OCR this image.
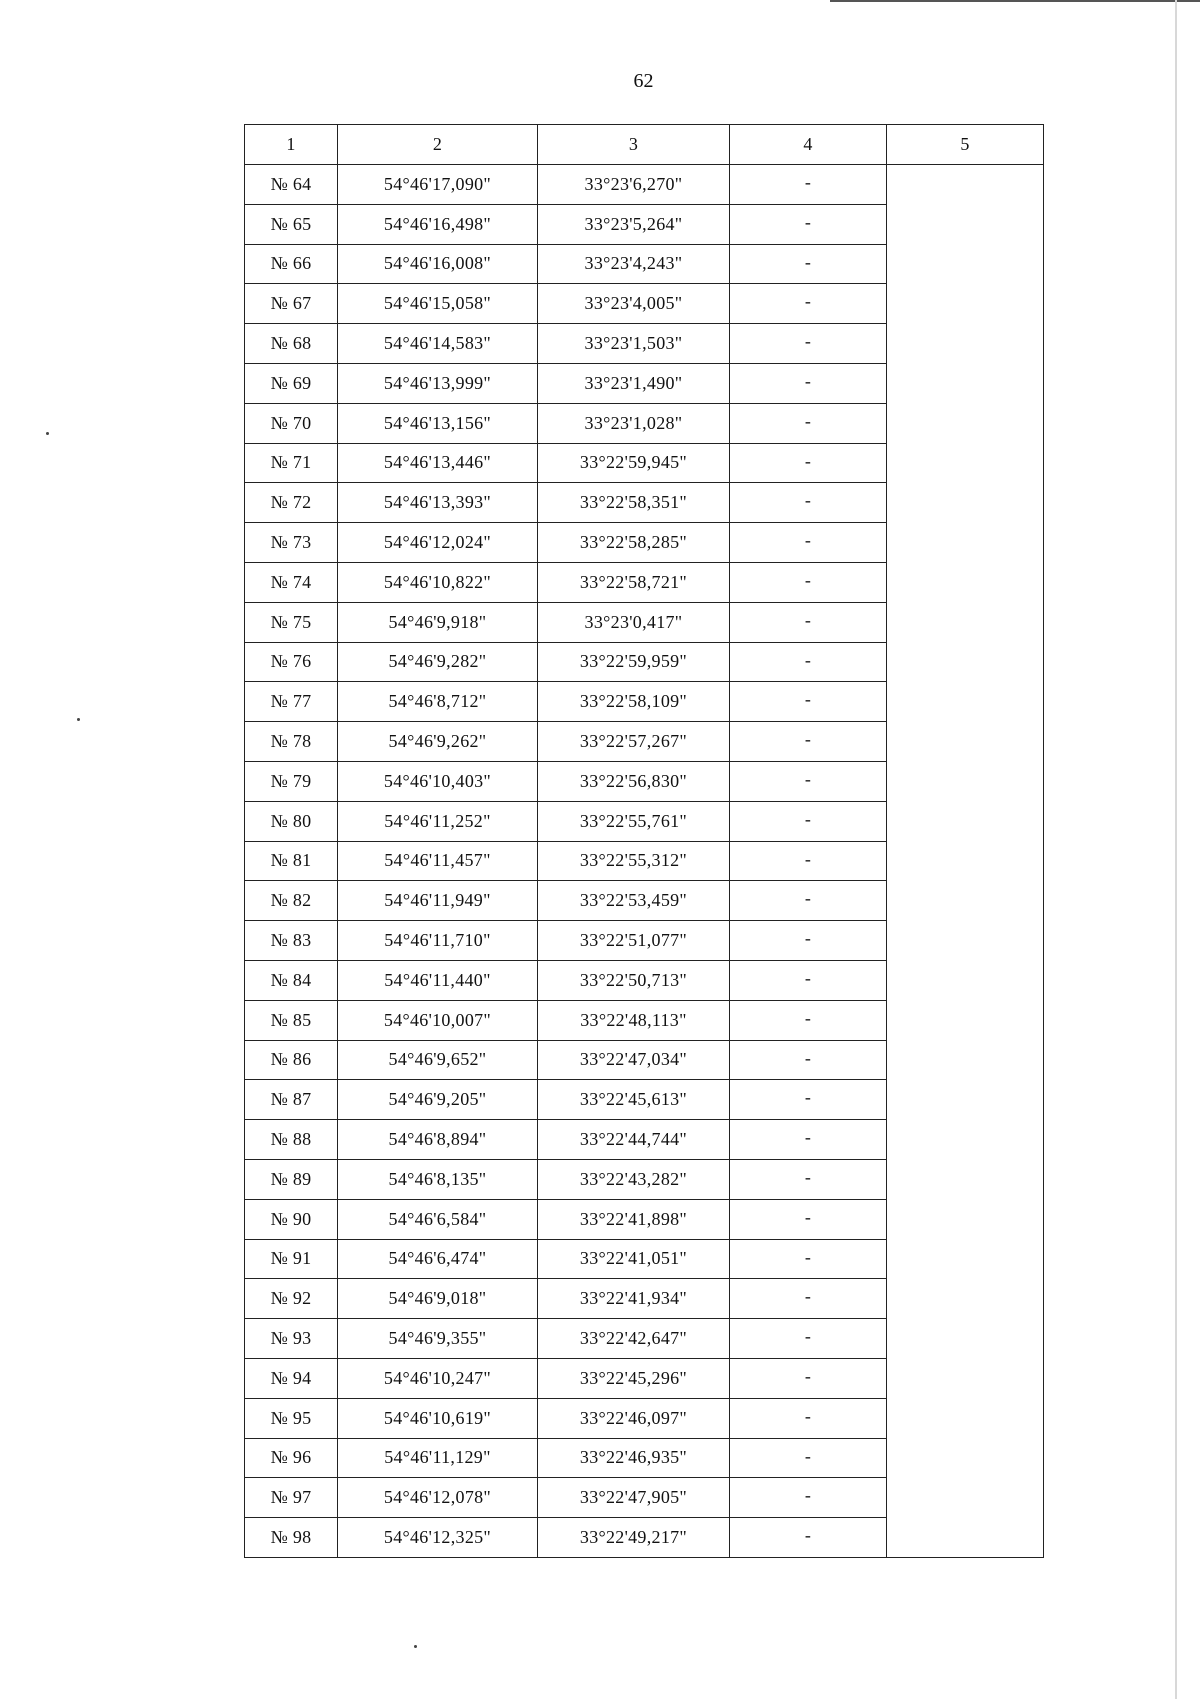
62
1	2	3	4	5
№ 64	54°46'17,090"	33°23'6,270"	-	

№ 65	54°46'16,498"	33°23'5,264"	-	

№ 66	54°46'16,008"	33°23'4,243"	-	

№ 67	54°46'15,058"	33°23'4,005"	-	

№ 68	54°46'14,583"	33°23'1,503"	-	

№ 69	54°46'13,999"	33°23'1,490"	-	

№ 70	54°46'13,156"	33°23'1,028"	-	

№ 71	54°46'13,446"	33°22'59,945"	-	

№ 72	54°46'13,393"	33°22'58,351"	-	

№ 73	54°46'12,024"	33°22'58,285"	-	

№ 74	54°46'10,822"	33°22'58,721"	-	

№ 75	54°46'9,918"	33°23'0,417"	-	

№ 76	54°46'9,282"	33°22'59,959"	-	

№ 77	54°46'8,712"	33°22'58,109"	-	

№ 78	54°46'9,262"	33°22'57,267"	-	

№ 79	54°46'10,403"	33°22'56,830"	-	

№ 80	54°46'11,252"	33°22'55,761"	-	

№ 81	54°46'11,457"	33°22'55,312"	-	

№ 82	54°46'11,949"	33°22'53,459"	-	

№ 83	54°46'11,710"	33°22'51,077"	-	

№ 84	54°46'11,440"	33°22'50,713"	-	

№ 85	54°46'10,007"	33°22'48,113"	-	

№ 86	54°46'9,652"	33°22'47,034"	-	

№ 87	54°46'9,205"	33°22'45,613"	-	

№ 88	54°46'8,894"	33°22'44,744"	-	

№ 89	54°46'8,135"	33°22'43,282"	-	

№ 90	54°46'6,584"	33°22'41,898"	-	

№ 91	54°46'6,474"	33°22'41,051"	-	

№ 92	54°46'9,018"	33°22'41,934"	-	

№ 93	54°46'9,355"	33°22'42,647"	-	

№ 94	54°46'10,247"	33°22'45,296"	-	

№ 95	54°46'10,619"	33°22'46,097"	-	

№ 96	54°46'11,129"	33°22'46,935"	-	

№ 97	54°46'12,078"	33°22'47,905"	-	

№ 98	54°46'12,325"	33°22'49,217"	-	
